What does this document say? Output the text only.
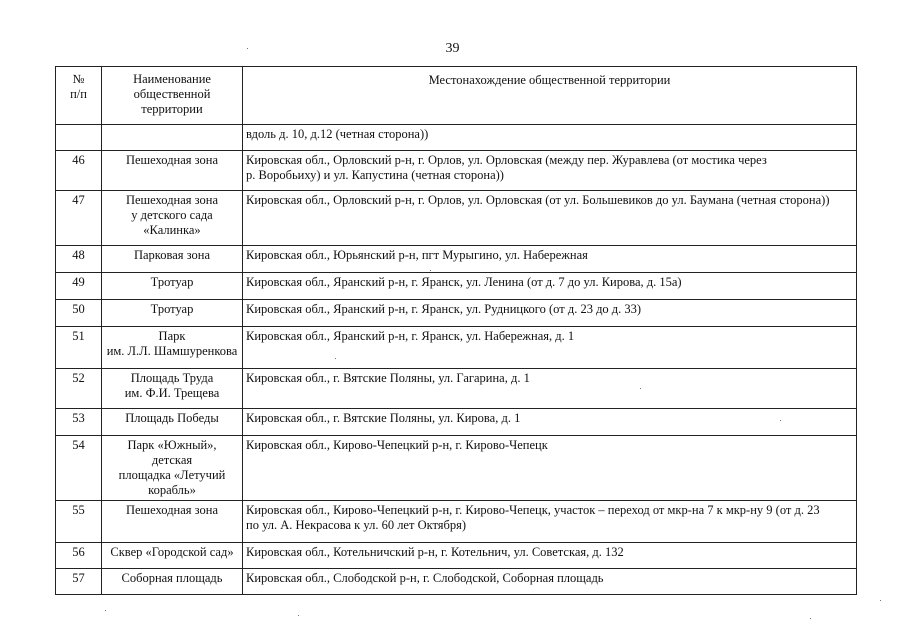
39
№
п/п	Наименование
общественной
территории	Местонахождение общественной территории
		вдоль д. 10, д.12 (четная сторона))
46	Пешеходная зона	Кировская обл., Орловский р-н, г. Орлов, ул. Орловская (между пер. Журавлева (от мостика через
р. Воробьиху) и ул. Капустина (четная сторона))
47	Пешеходная зона
у детского сада
«Калинка»	Кировская обл., Орловский р-н, г. Орлов, ул. Орловская (от ул. Большевиков до ул. Баумана (четная сторона))
48	Парковая зона	Кировская обл., Юрьянский р-н, пгт Мурыгино, ул. Набережная
49	Тротуар	Кировская обл., Яранский р-н, г. Яранск, ул. Ленина (от д. 7 до ул. Кирова, д. 15а)
50	Тротуар	Кировская обл., Яранский р-н, г. Яранск, ул. Рудницкого (от д. 23 до д. 33)
51	Парк
им. Л.Л. Шамшуренкова	Кировская обл., Яранский р-н, г. Яранск, ул. Набережная, д. 1
52	Площадь Труда
им. Ф.И. Трещева	Кировская обл., г. Вятские Поляны, ул. Гагарина, д. 1
53	Площадь Победы	Кировская обл., г. Вятские Поляны, ул. Кирова, д. 1
54	Парк «Южный», детская
площадка «Летучий
корабль»	Кировская обл., Кирово-Чепецкий р-н, г. Кирово-Чепецк
55	Пешеходная зона	Кировская обл., Кирово-Чепецкий р-н, г. Кирово-Чепецк, участок – переход от мкр-на 7 к мкр-ну 9 (от д. 23
по ул. А. Некрасова к ул. 60 лет Октября)
56	Сквер «Городской сад»	Кировская обл., Котельничский р-н, г. Котельнич, ул. Советская, д. 132
57	Соборная площадь	Кировская обл., Слободской р-н, г. Слободской, Соборная площадь
